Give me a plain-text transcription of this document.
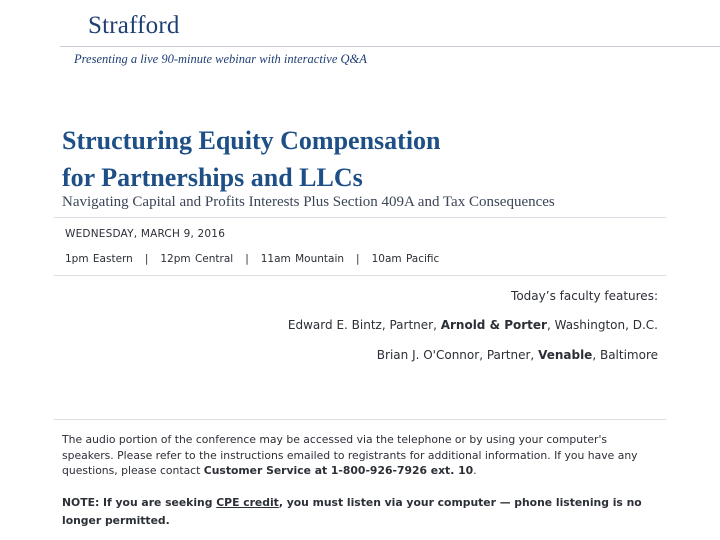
Strafford
Presenting a live 90-minute webinar with interactive Q&A
Structuring Equity Compensation
for Partnerships and LLCs
Navigating Capital and Profits Interests Plus Section 409A and Tax Consequences
WEDNESDAY, MARCH 9, 2016
1pm Eastern | 12pm Central | 11am Mountain | 10am Pacific
Today’s faculty features:
Edward E. Bintz, Partner, Arnold & Porter, Washington, D.C.
Brian J. O'Connor, Partner, Venable, Baltimore
The audio portion of the conference may be accessed via the telephone or by using your computer's speakers. Please refer to the instructions emailed to registrants for additional information. If you have any questions, please contact Customer Service at 1-800-926-7926 ext. 10.
NOTE: If you are seeking CPE credit, you must listen via your computer — phone listening is no longer permitted.
